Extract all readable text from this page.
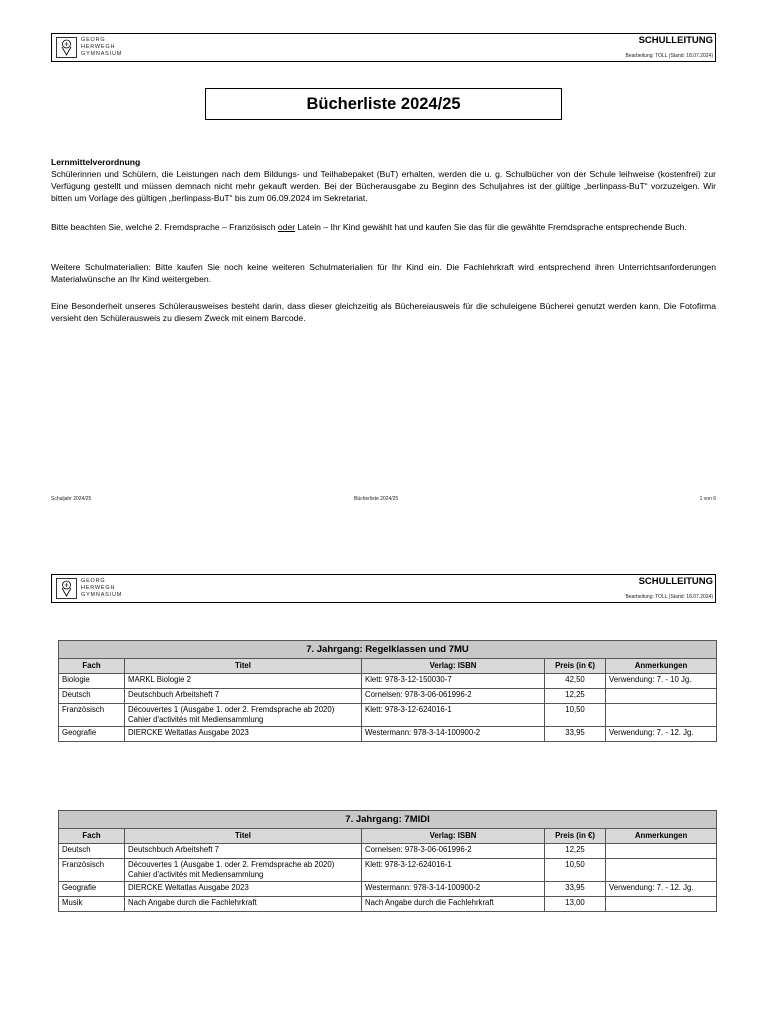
GEORG
HERWEGH
GYMNASIUM
SCHULLEITUNG
Bearbeitung: TOLL (Stand: 18.07.2024)
Bücherliste 2024/25

Lernmittelverordnung
Schülerinnen und Schülern, die Leistungen nach dem Bildungs- und Teilhabepaket (BuT) erhalten, werden die u. g. Schulbücher von der Schule leihweise (kostenfrei) zur Verfügung gestellt und müssen demnach nicht mehr gekauft werden. Bei der Bücherausgabe zu Beginn des Schuljahres ist der gültige „berlinpass-BuT“ vorzuzeigen. Wir bitten um Vorlage des gültigen „berlinpass-BuT“ bis zum 06.09.2024 im Sekretariat.

Bitte beachten Sie, welche 2. Fremdsprache – Französisch oder Latein – Ihr Kind gewählt hat und kaufen Sie das für die gewählte Fremdsprache entsprechende Buch.

Weitere Schulmaterialien: Bitte kaufen Sie noch keine weiteren Schulmaterialien für Ihr Kind ein. Die Fachlehrkraft wird entsprechend ihren Unterrichtsanforderungen Materialwünsche an Ihr Kind weitergeben.

Eine Besonderheit unseres Schülerausweises besteht darin, dass dieser gleichzeitig als Büchereiausweis für die schuleigene Bücherei genutzt werden kann. Die Fotofirma versieht den Schülerausweis zu diesem Zweck mit einem Barcode.

Schuljahr 2024/25	Bücherliste 2024/25	1 von 6
GEORG
HERWEGH
GYMNASIUM
SCHULLEITUNG
Bearbeitung: TOLL (Stand: 18.07.2024)
7. Jahrgang: Regelklassen und 7MU				
Fach	Titel	Verlag: ISBN	Preis (in €)	Anmerkungen
Biologie	MARKL Biologie 2	Klett: 978-3-12-150030-7	42,50	Verwendung: 7. - 10 Jg.
Deutsch	Deutschbuch Arbeitsheft 7	Cornelsen: 978-3-06-061996-2	12,25	
Französisch	Découvertes 1 (Ausgabe 1. oder 2. Fremdsprache ab 2020) Cahier d'activités mit Mediensammlung	Klett: 978-3-12-624016-1	10,50	
Geografie	DIERCKE Weltatlas Ausgabe 2023	Westermann: 978-3-14-100900-2	33,95	Verwendung: 7. - 12. Jg.
7. Jahrgang: 7MIDI				
Fach	Titel	Verlag: ISBN	Preis (in €)	Anmerkungen
Deutsch	Deutschbuch Arbeitsheft 7	Cornelsen: 978-3-06-061996-2	12,25	
Französisch	Découvertes 1 (Ausgabe 1. oder 2. Fremdsprache ab 2020) Cahier d'activités mit Mediensammlung	Klett: 978-3-12-624016-1	10,50	
Geografie	DIERCKE Weltatlas Ausgabe 2023	Westermann: 978-3-14-100900-2	33,95	Verwendung: 7. - 12. Jg.
Musik	Nach Angabe durch die Fachlehrkraft	Nach Angabe durch die Fachlehrkraft	13,00	
